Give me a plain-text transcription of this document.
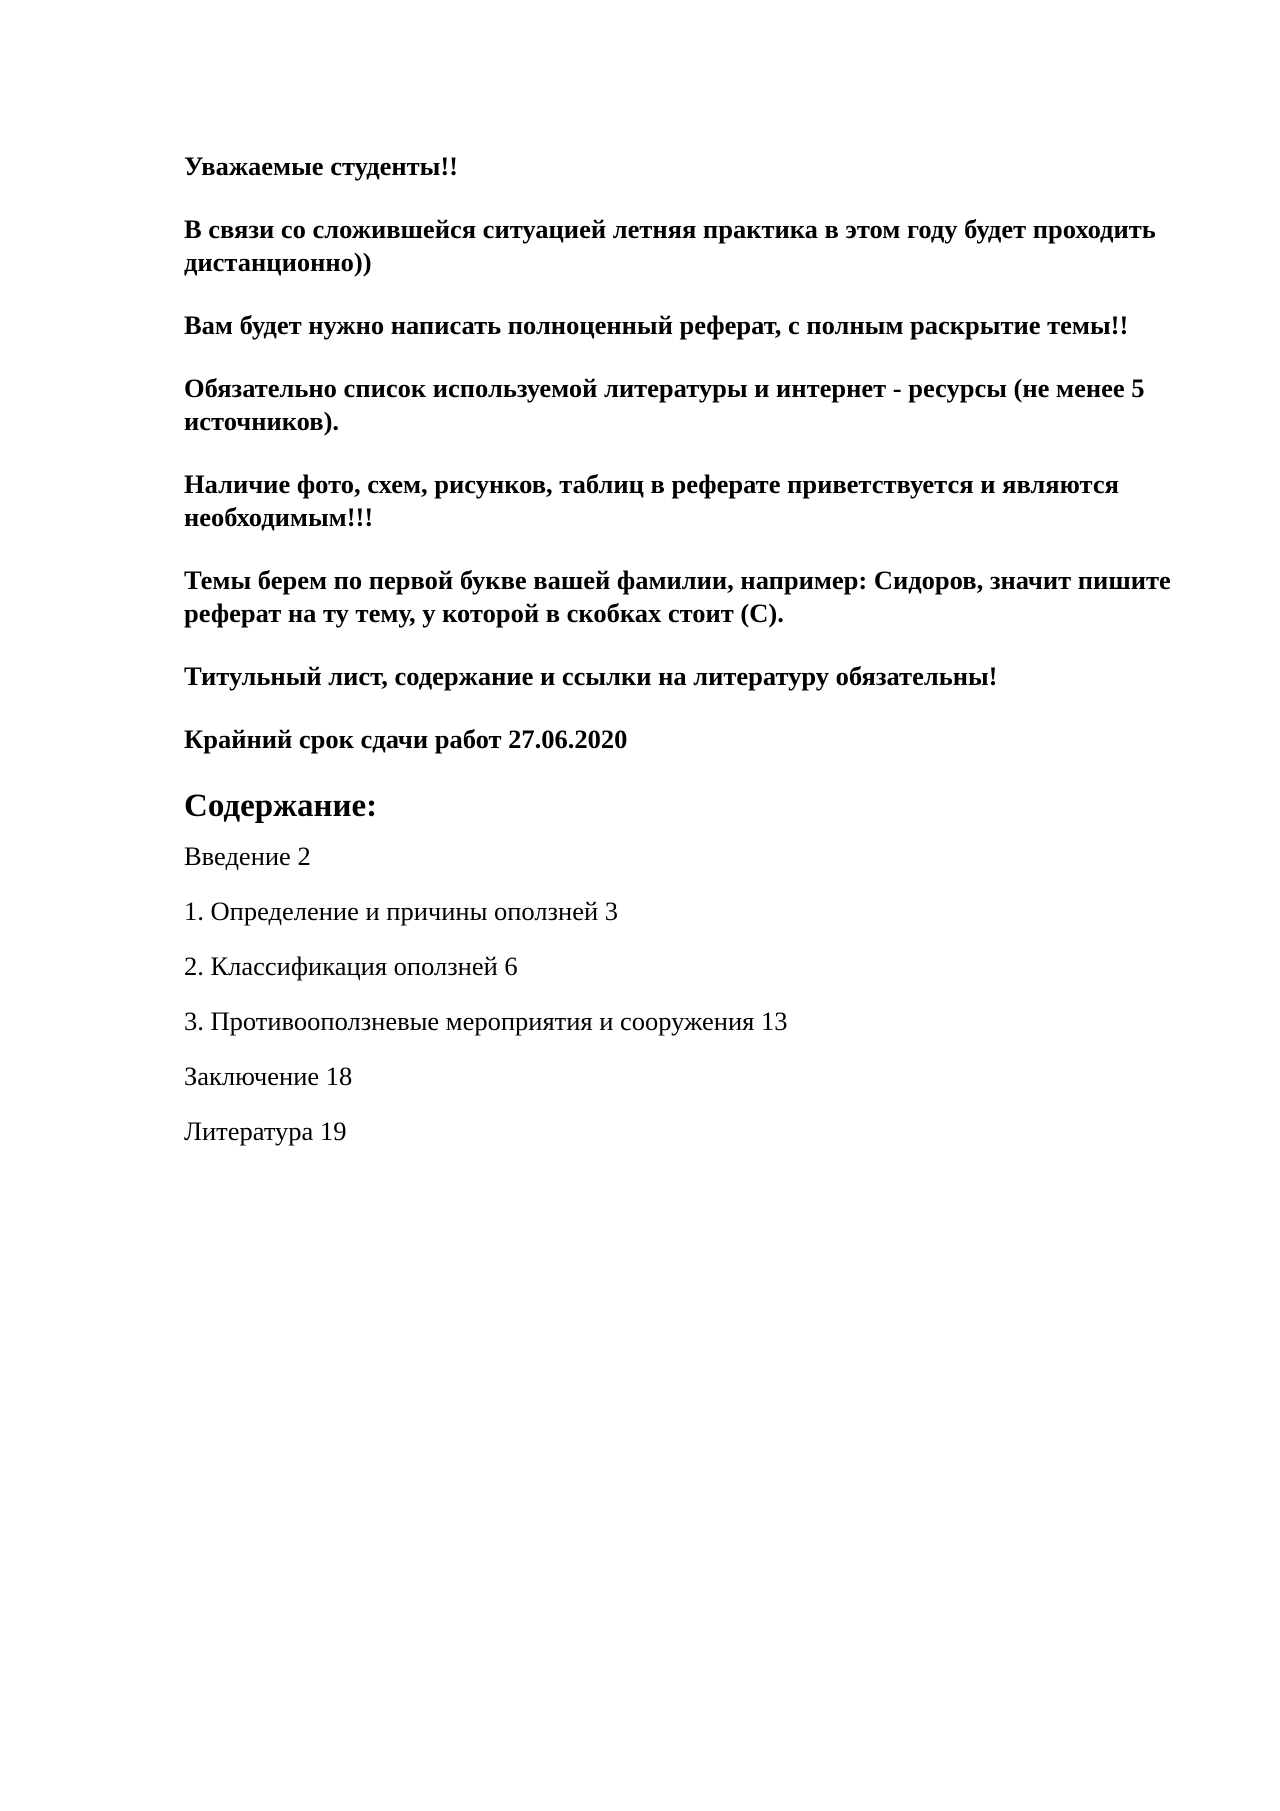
Уважаемые студенты!!

В связи со сложившейся ситуацией летняя практика в этом году будет проходить дистанционно))

Вам будет нужно написать полноценный реферат, с полным раскрытие темы!!

Обязательно список используемой литературы и интернет - ресурсы (не менее 5 источников).

Наличие фото, схем, рисунков, таблиц в реферате приветствуется и являются необходимым!!!

Темы берем по первой букве вашей фамилии, например: Сидоров, значит пишите реферат на ту тему, у которой в скобках стоит (С).

Титульный лист, содержание и ссылки на литературу обязательны!

Крайний срок сдачи работ 27.06.2020

Содержание:
Введение 2
1. Определение и причины оползней 3
2. Классификация оползней 6
3. Противооползневые мероприятия и сооружения 13
Заключение 18
Литература 19
